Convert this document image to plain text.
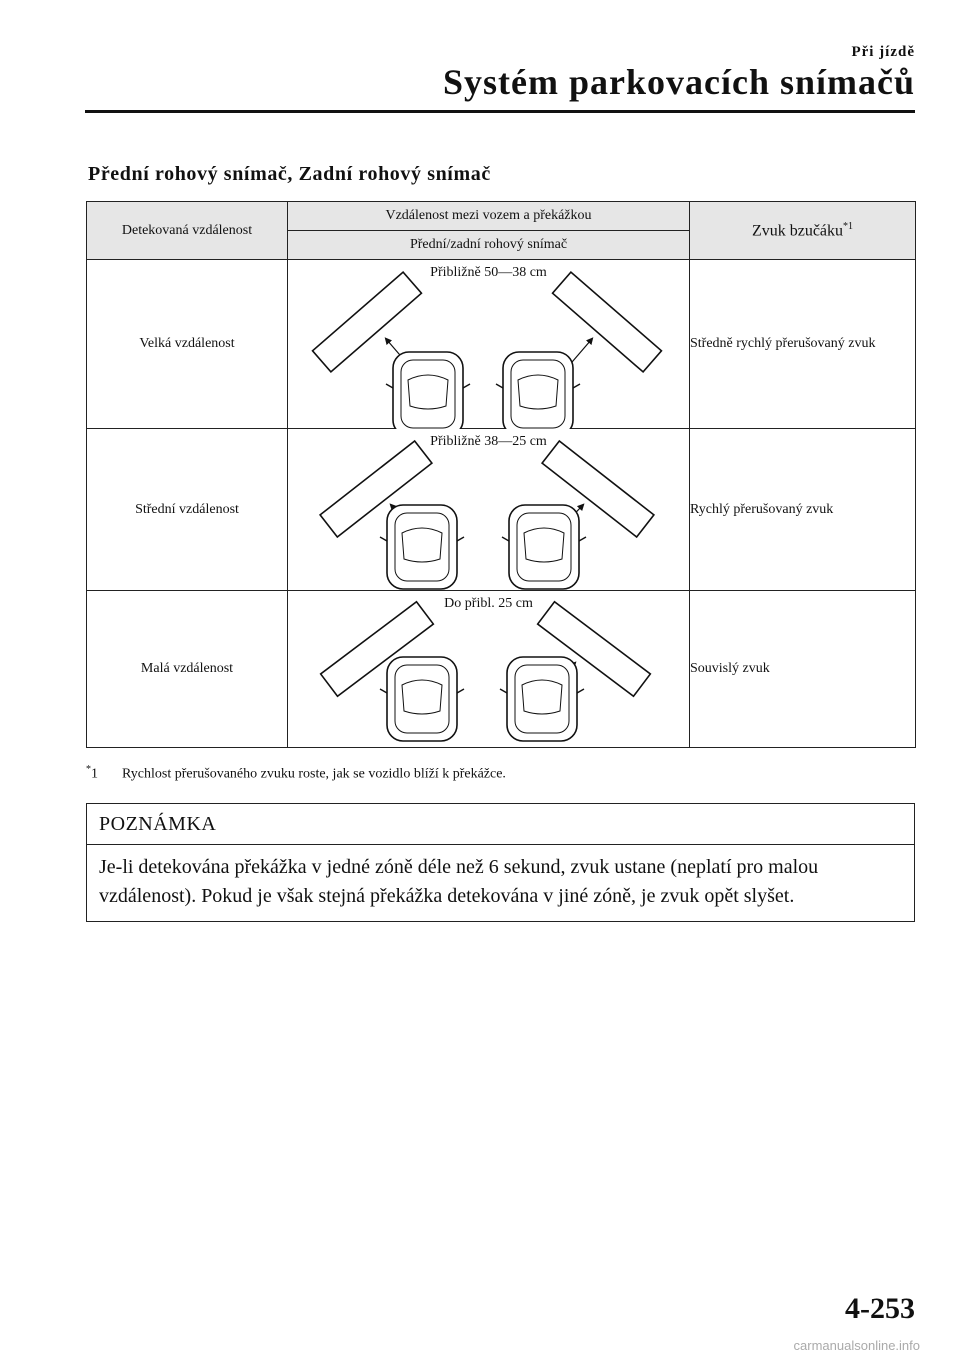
Při jízdě
Systém parkovacích snímačů
Přední rohový snímač, Zadní rohový snímač
Detekovaná vzdálenost	Vzdálenost mezi vozem a překážkou	Zvuk bzučáku$^{*1}$
	Přední/zadní rohový snímač	
Velká vzdálenost	Přibližně 50―38 cm	Středně rychlý přerušovaný zvuk
Střední vzdálenost	Přibližně 38―25 cm	Rychlý přerušovaný zvuk
Malá vzdálenost	Do přibl. 25 cm	Souvislý zvuk
*1 Rychlost přerušovaného zvuku roste, jak se vozidlo blíží k překážce.
POZNÁMKA
Je-li detekována překážka v jedné zóně déle než 6 sekund, zvuk ustane (neplatí pro malou vzdálenost). Pokud je však stejná překážka detekována v jiné zóně, je zvuk opět slyšet.
4-253
carmanualsonline.info
